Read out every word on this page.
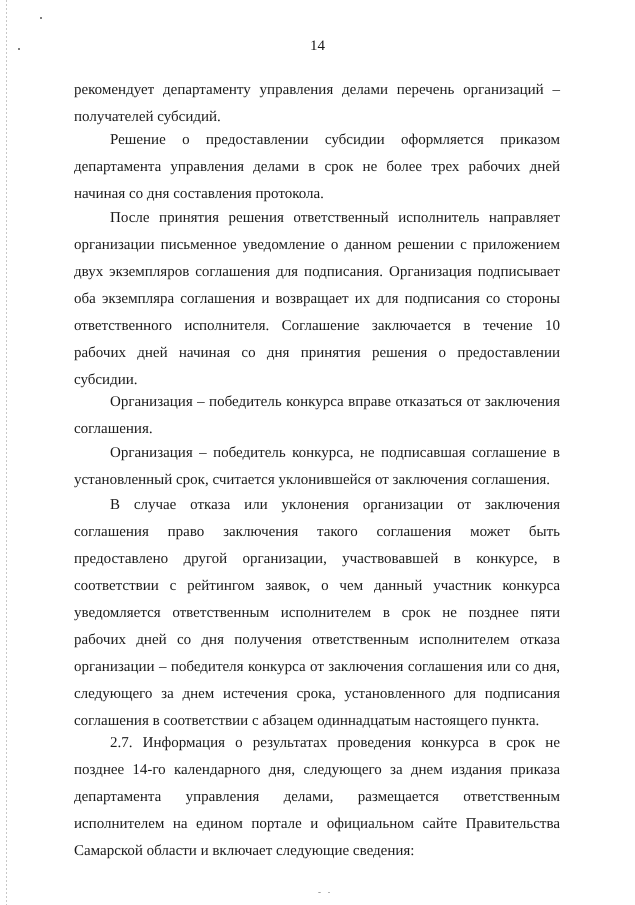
14

рекомендует департаменту управления делами перечень организаций – получателей субсидий.

Решение о предоставлении субсидии оформляется приказом департамента управления делами в срок не более трех рабочих дней начиная со дня составления протокола.

После принятия решения ответственный исполнитель направляет организации письменное уведомление о данном решении с приложением двух экземпляров соглашения для подписания. Организация подписывает оба экземпляра соглашения и возвращает их для подписания со стороны ответственного исполнителя. Соглашение заключается в течение 10 рабочих дней начиная со дня принятия решения о предоставлении субсидии.

Организация – победитель конкурса вправе отказаться от заключения соглашения.

Организация – победитель конкурса, не подписавшая соглашение в установленный срок, считается уклонившейся от заключения соглашения.

В случае отказа или уклонения организации от заключения соглашения право заключения такого соглашения может быть предоставлено другой организации, участвовавшей в конкурсе, в соответствии с рейтингом заявок, о чем данный участник конкурса уведомляется ответственным исполнителем в срок не позднее пяти рабочих дней со дня получения ответственным исполнителем отказа организации – победителя конкурса от заключения соглашения или со дня, следующего за днем истечения срока, установленного для подписания соглашения в соответствии с абзацем одиннадцатым настоящего пункта.

2.7. Информация о результатах проведения конкурса в срок не позднее 14-го календарного дня, следующего за днем издания приказа департамента управления делами, размещается ответственным исполнителем на едином портале и официальном сайте Правительства Самарской области и включает следующие сведения:
